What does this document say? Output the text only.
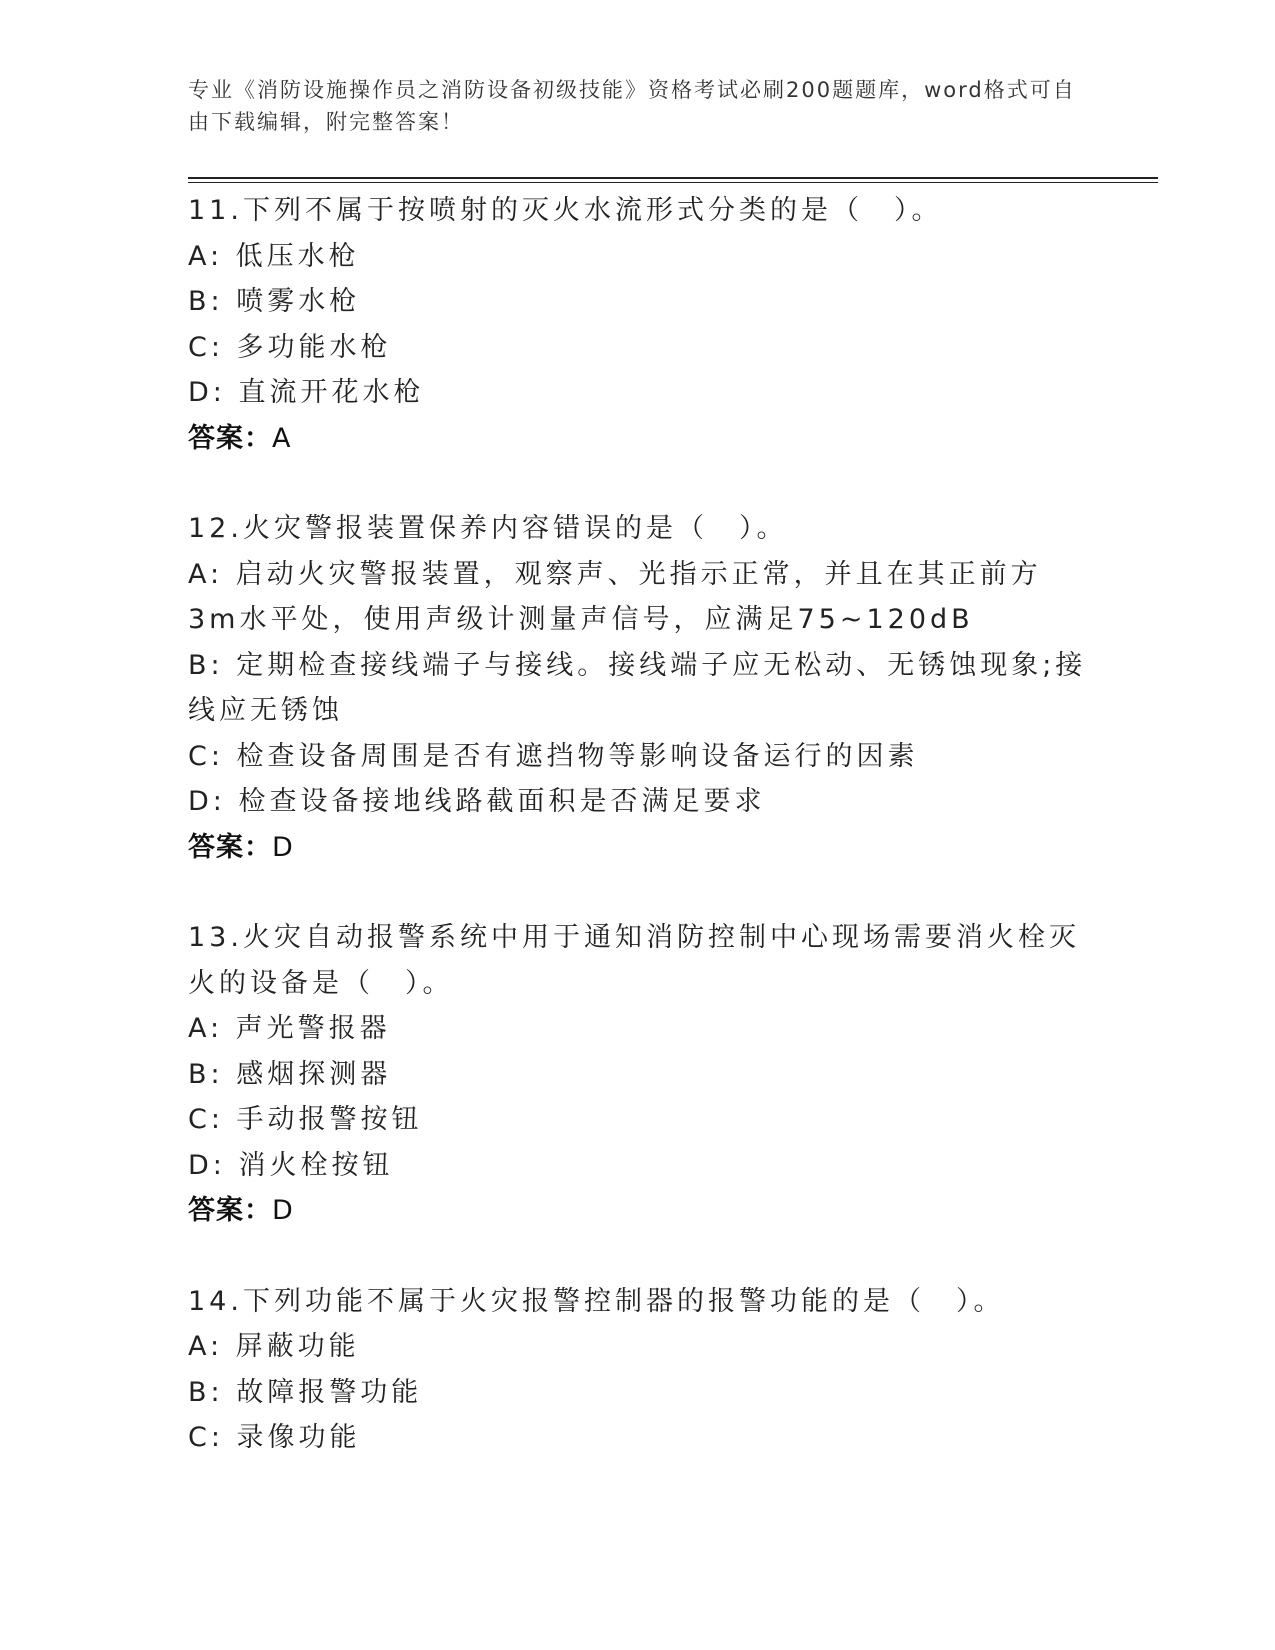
专业《消防设施操作员之消防设备初级技能》资格考试必刷200题题库，word格式可自由下载编辑，附完整答案！

11.下列不属于按喷射的灭火水流形式分类的是（　）。

A: 低压水枪

B: 喷雾水枪

C: 多功能水枪

D: 直流开花水枪

答案：A

12.火灾警报装置保养内容错误的是（　）。

A: 启动火灾警报装置，观察声、光指示正常，并且在其正前方3m水平处，使用声级计测量声信号，应满足75~120dB

B: 定期检查接线端子与接线。接线端子应无松动、无锈蚀现象;接线应无锈蚀

C: 检查设备周围是否有遮挡物等影响设备运行的因素

D: 检查设备接地线路截面积是否满足要求

答案：D

13.火灾自动报警系统中用于通知消防控制中心现场需要消火栓灭火的设备是（　）。

A: 声光警报器

B: 感烟探测器

C: 手动报警按钮

D: 消火栓按钮

答案：D

14.下列功能不属于火灾报警控制器的报警功能的是（　）。

A: 屏蔽功能

B: 故障报警功能

C: 录像功能
